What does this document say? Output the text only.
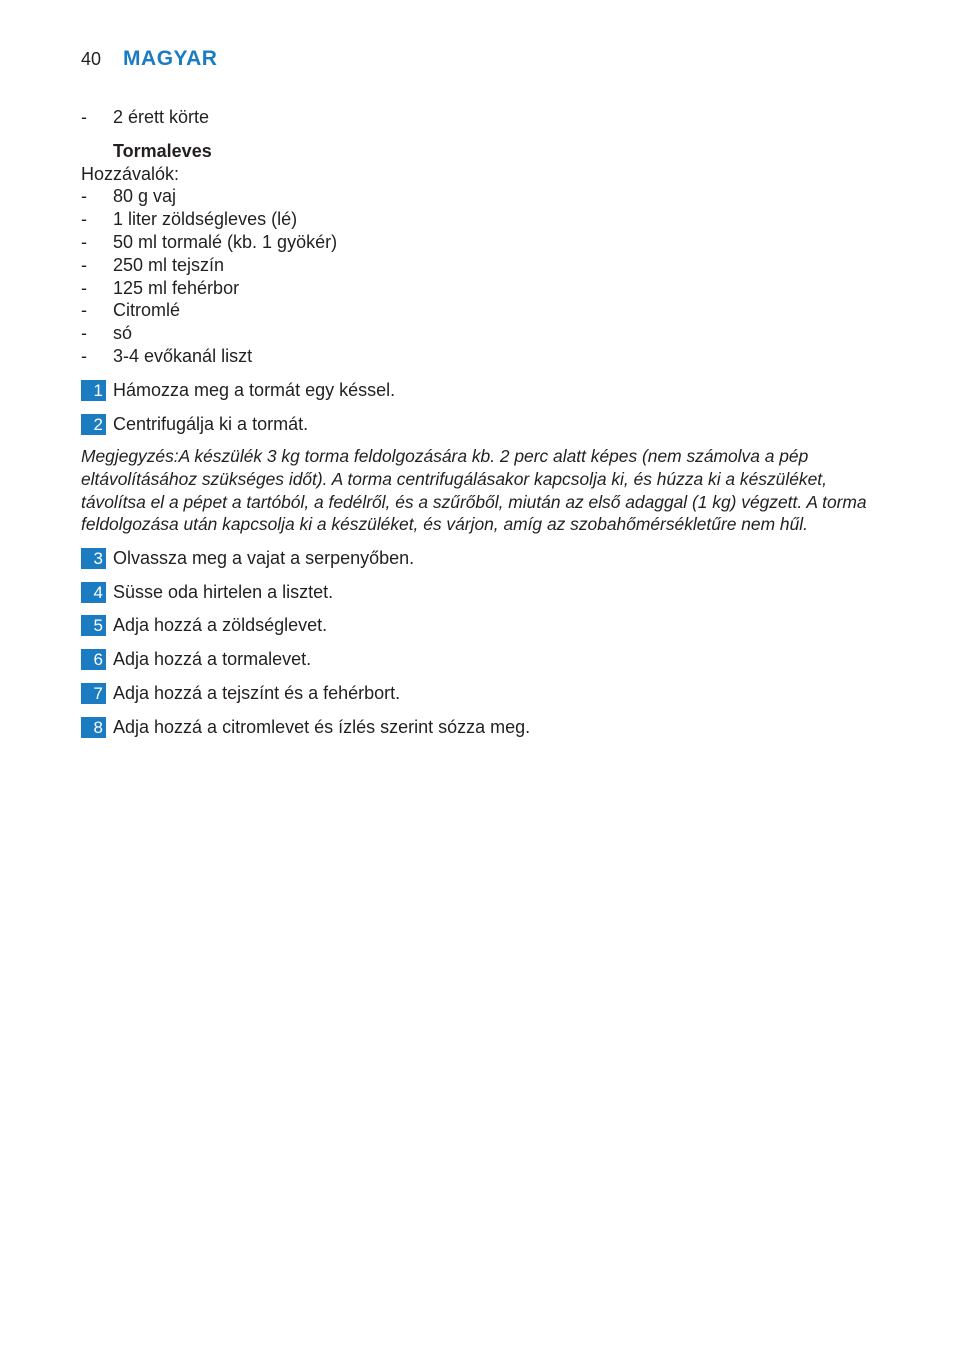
40 MAGYAR
-	2 érett körte
Tormaleves
Hozzávalók:
-	80 g vaj
-	1 liter zöldségleves (lé)
-	50 ml tormalé (kb. 1 gyökér)
-	250 ml tejszín
-	125 ml fehérbor
-	Citromlé
-	só
-	3-4 evőkanál liszt
1 Hámozza meg a tormát egy késsel.
2 Centrifugálja ki a tormát.
Megjegyzés:A készülék 3 kg torma feldolgozására kb. 2 perc alatt képes (nem számolva a pép eltávolításához szükséges időt). A torma centrifugálásakor kapcsolja ki, és húzza ki a készüléket, távolítsa el a pépet a tartóból, a fedélről, és a szűrőből, miután az első adaggal (1 kg) végzett. A torma feldolgozása után kapcsolja ki a készüléket, és várjon, amíg az szobahőmérsékletűre nem hűl.
3 Olvassza meg a vajat a serpenyőben.
4 Süsse oda hirtelen a lisztet.
5 Adja hozzá a zöldséglevet.
6 Adja hozzá a tormalevet.
7 Adja hozzá a tejszínt és a fehérbort.
8 Adja hozzá a citromlevet és ízlés szerint sózza meg.
